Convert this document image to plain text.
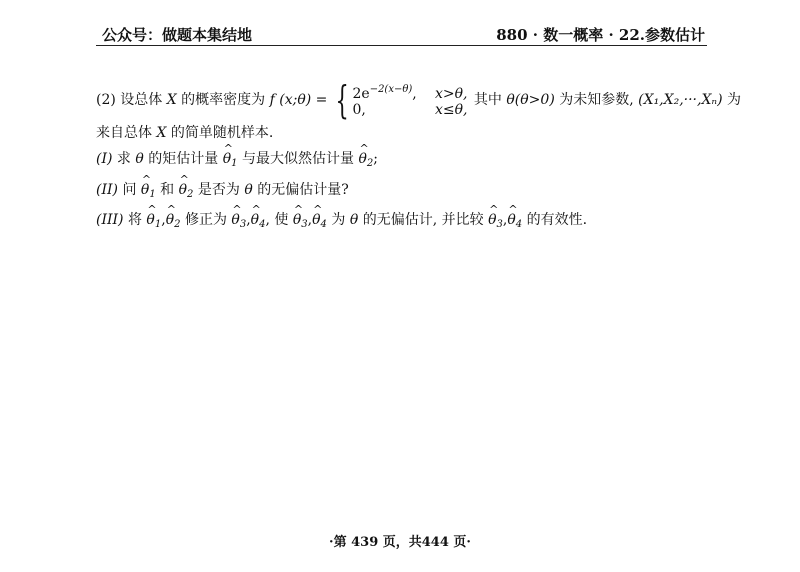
公众号：做题本集结地	880 · 数一概率 · 22.参数估计
(2) 设总体 X 的概率密度为 f (x;θ) = { $2e^{-2(x-\theta)}$, x>θ,
0,	x≤θ,
其中 θ(θ>0) 为未知参数, (X₁,X₂,···,Xₙ) 为
来自总体 X 的简单随机样本.
(I) 求 θ 的矩估计量 ^ $\theta_1$ 与最大似然估计量 ^ $\theta_2$;
(II) 问 ^ $\theta_1$ 和 ^ $\theta_2$ 是否为 θ 的无偏估计量?
(III) 将 ^ $\theta_1,\^{}$ $\theta_2$ 修正为 ^ $\theta_3,\^{}$ $\theta_4$, 使 ^ $\theta_3,\^{}$ $\theta_4$ 为 θ 的无偏估计, 并比较 ^ $\theta_3,\^{}$ $\theta_4$ 的有效性.
·第 439 页，共444 页·
